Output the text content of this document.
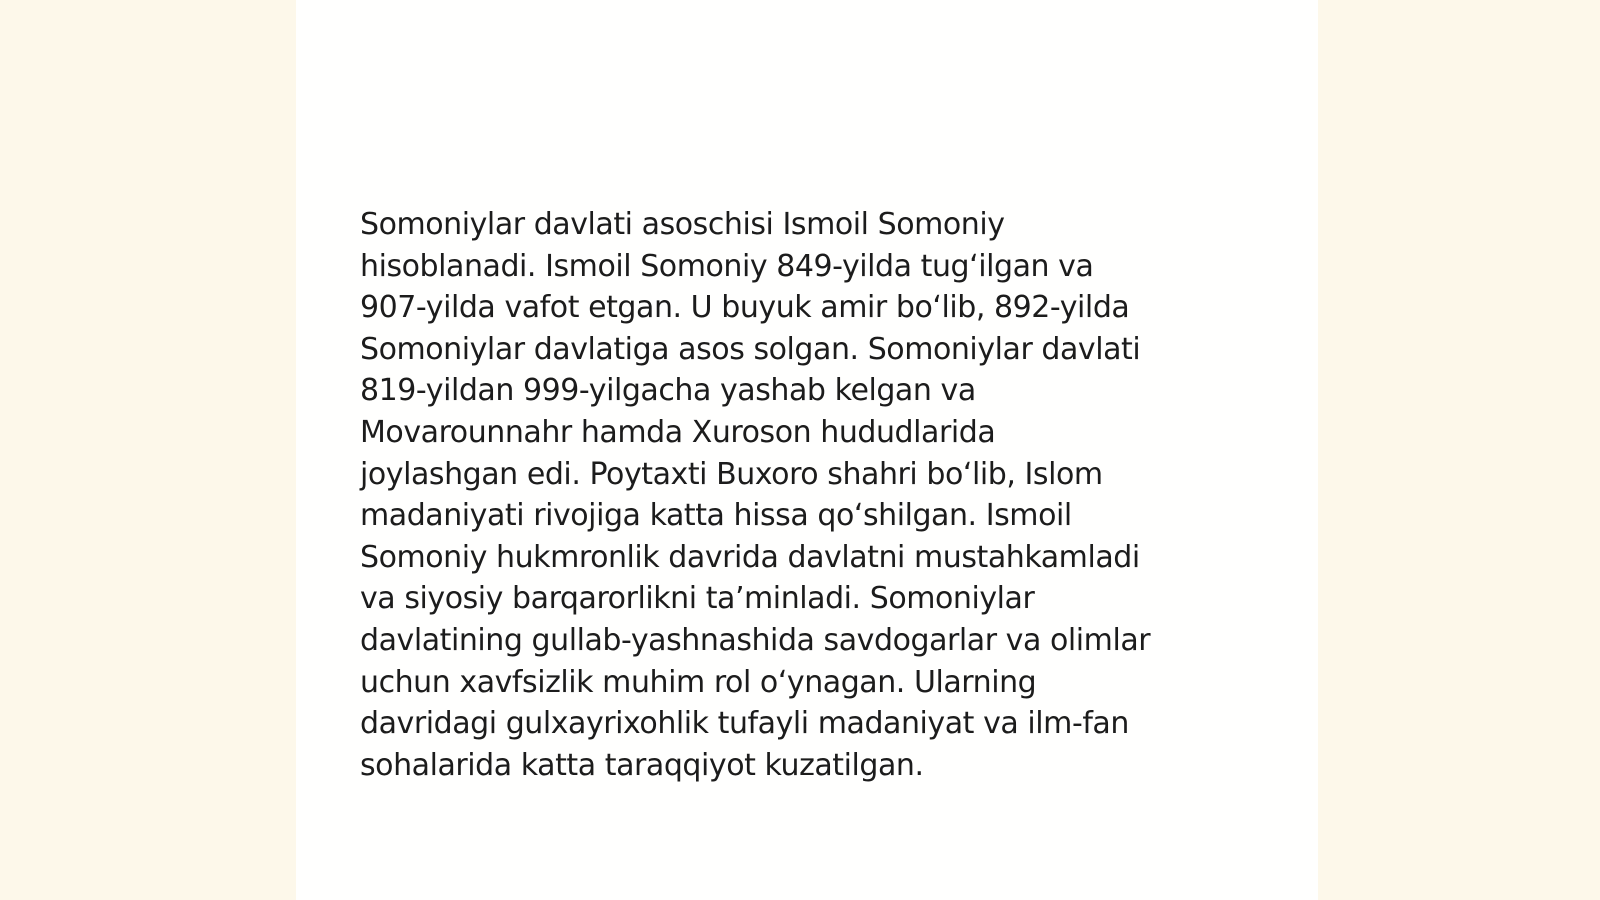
Somoniylar davlati asoschisi Ismoil Somoniy
hisoblanadi. Ismoil Somoniy 849-yilda tugʻilgan va
907-yilda vafot etgan. U buyuk amir boʻlib, 892-yilda
Somoniylar davlatiga asos solgan. Somoniylar davlati
819-yildan 999-yilgacha yashab kelgan va
Movarounnahr hamda Xuroson hududlarida
joylashgan edi. Poytaxti Buxoro shahri boʻlib, Islom
madaniyati rivojiga katta hissa qoʻshilgan. Ismoil
Somoniy hukmronlik davrida davlatni mustahkamladi
va siyosiy barqarorlikni taʼminladi. Somoniylar
davlatining gullab-yashnashida savdogarlar va olimlar
uchun xavfsizlik muhim rol oʻynagan. Ularning
davridagi gulxayrixohlik tufayli madaniyat va ilm-fan
sohalarida katta taraqqiyot kuzatilgan.
